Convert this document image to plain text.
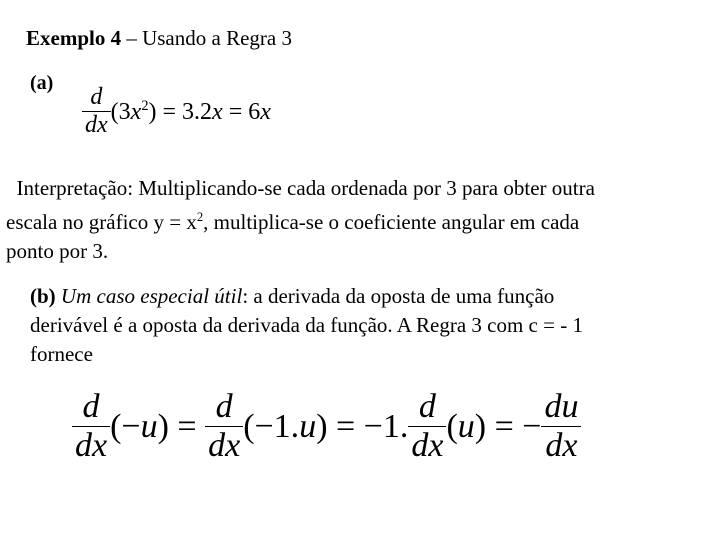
Exemplo 4 – Usando a Regra 3
(a)
$\frac{d}{dx} (3x^2) = 3.2x = 6x$
Interpretação: Multiplicando-se cada ordenada por 3 para obter outra
escala no gráfico $y = x^2$, multiplica-se o coeficiente angular em cada
ponto por 3.
(b) Um caso especial útil: a derivada da oposta de uma função
derivável é a oposta da derivada da função. A Regra 3 com c = - 1
fornece
$\frac{d}{dx}$ (− u ) = $\frac{d}{dx} (-1$. u ) = −1. $\frac{d}{dx}$ ( u ) = − $\frac{du}{dx}$
